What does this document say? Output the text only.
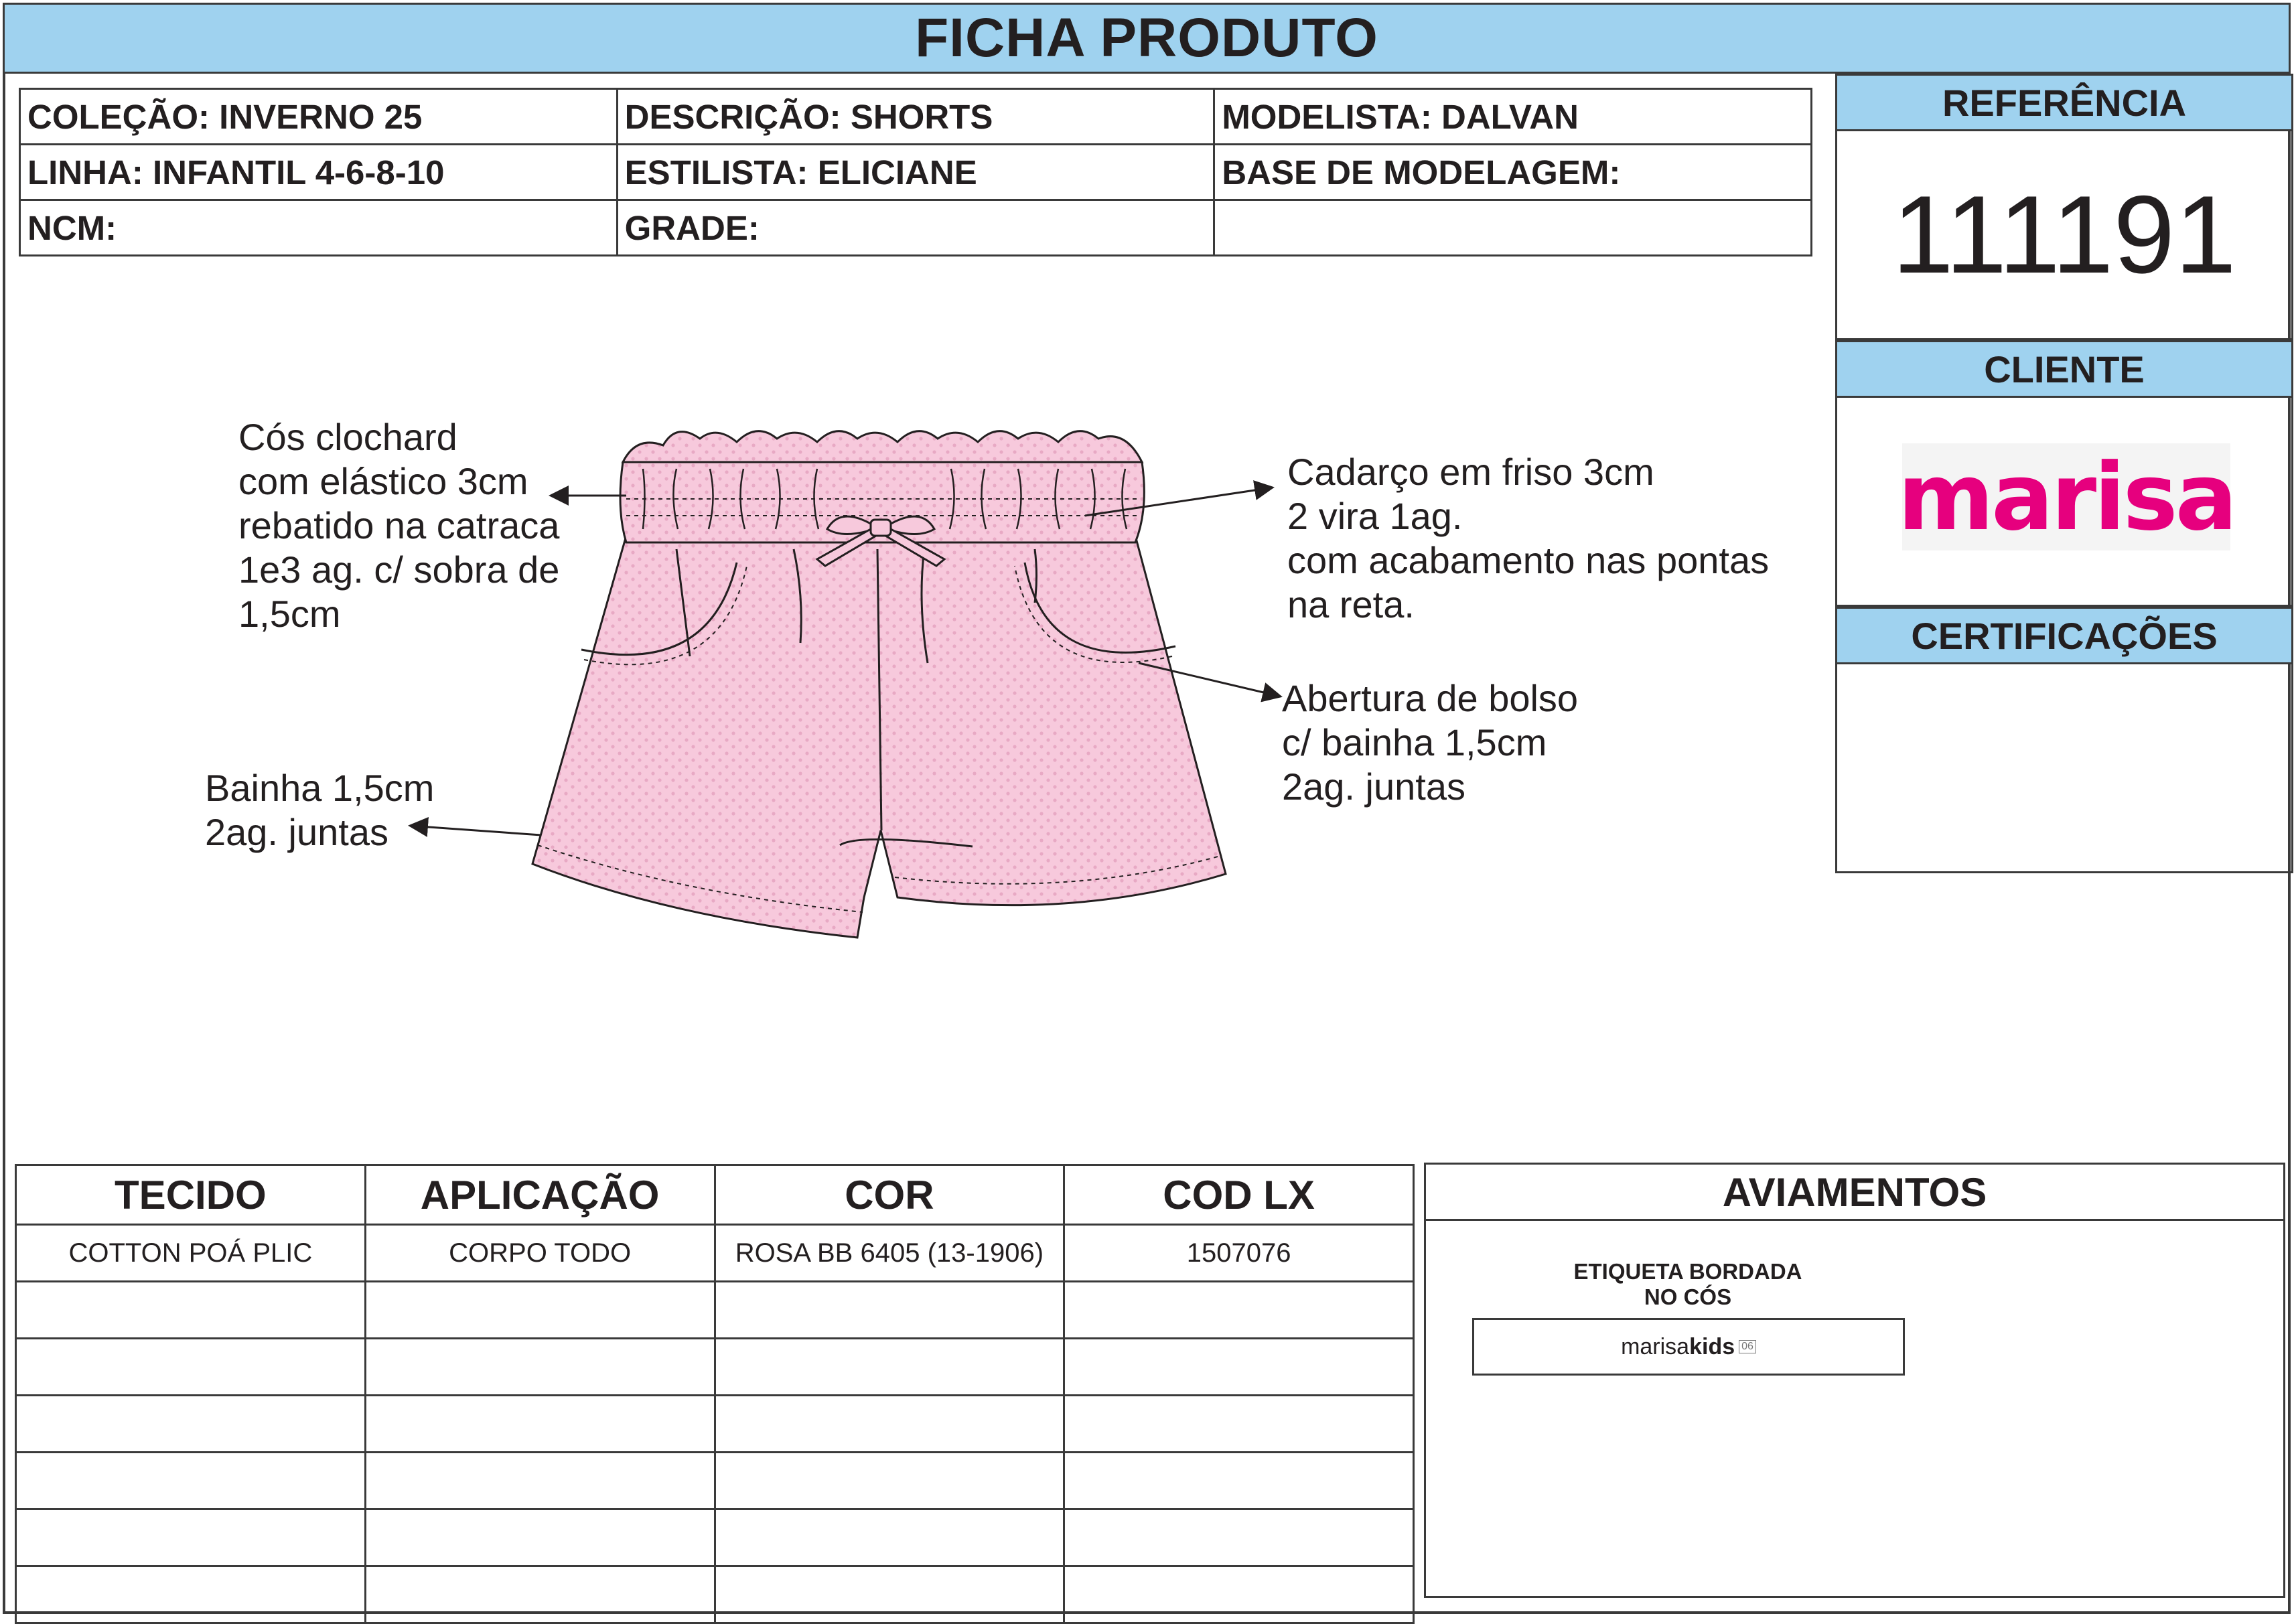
FICHA PRODUTO
COLEÇÃO: INVERNO 25	DESCRIÇÃO: SHORTS	MODELISTA: DALVAN
LINHA: INFANTIL 4-6-8-10	ESTILISTA: ELICIANE	BASE DE MODELAGEM:
NCM:	GRADE:	
REFERÊNCIA
111191
CLIENTE
marisa
CERTIFICAÇÕES
Cós clochard
com elástico 3cm
rebatido na catraca
1e3 ag. c/ sobra de
1,5cm
Cadarço em friso 3cm
2 vira 1ag.
com acabamento nas pontas
na reta.
Abertura de bolso
c/ bainha 1,5cm
2ag. juntas
Bainha 1,5cm
2ag. juntas
TECIDO	APLICAÇÃO	COR	COD LX
COTTON POÁ PLIC	CORPO TODO	ROSA BB 6405 (13-1906)	1507076

AVIAMENTOS
ETIQUETA BORDADA
NO CÓS
marisa kids 06
